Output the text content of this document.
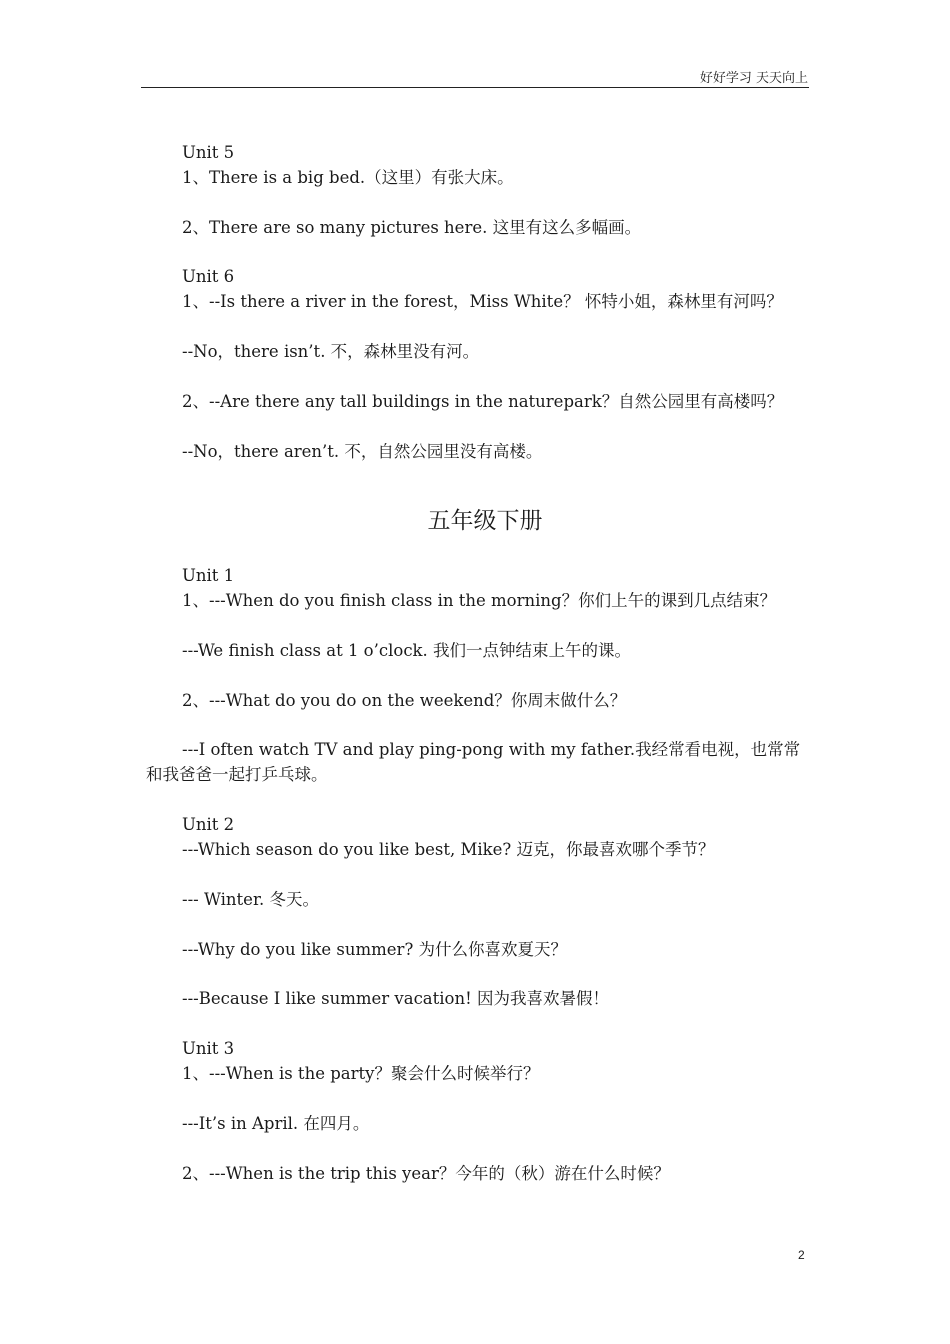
好好学习 天天向上
Unit 5
1、There is a big bed.（这里）有张大床。
2、There are so many pictures here. 这里有这么多幅画。
Unit 6
1、--Is there a river in the forest，Miss White？ 怀特小姐，森林里有河吗？
--No，there isn’t. 不，森林里没有河。
2、--Are there any tall buildings in the naturepark？自然公园里有高楼吗？
--No，there aren’t. 不，自然公园里没有高楼。
五年级下册
Unit 1
1、---When do you finish class in the morning？你们上午的课到几点结束？
---We finish class at 1 o’clock. 我们一点钟结束上午的课。
2、---What do you do on the weekend？你周末做什么？
---I often watch TV and play ping-pong with my father.我经常看电视，也常常
和我爸爸一起打乒乓球。
Unit 2
---Which season do you like best, Mike? 迈克，你最喜欢哪个季节？
--- Winter. 冬天。
---Why do you like summer? 为什么你喜欢夏天？
---Because I like summer vacation! 因为我喜欢暑假！
Unit 3
1、---When is the party？聚会什么时候举行？
---It’s in April. 在四月。
2、---When is the trip this year？今年的（秋）游在什么时候？
2
